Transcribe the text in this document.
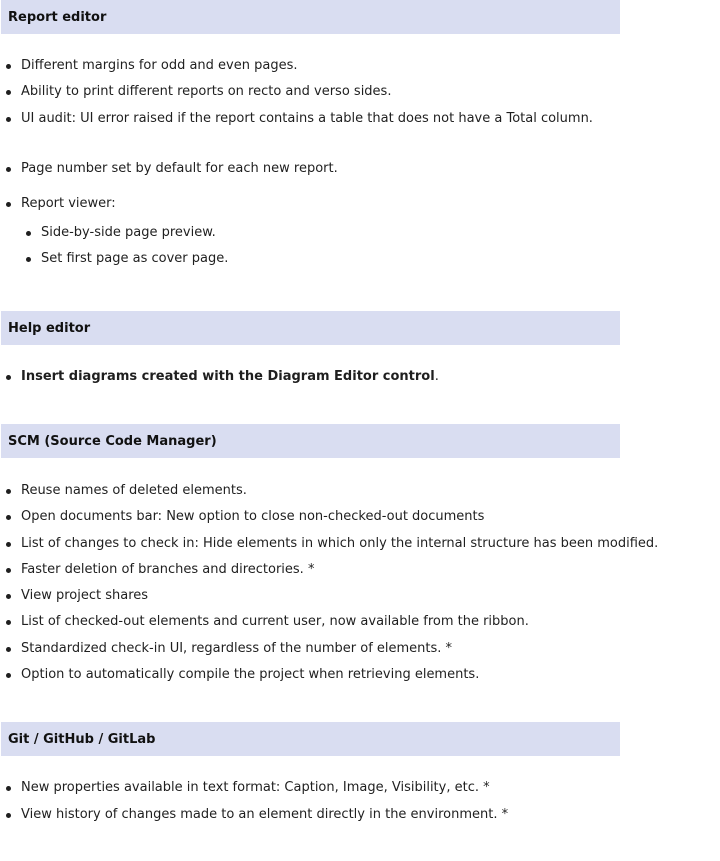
Report editor
Different margins for odd and even pages.
Ability to print different reports on recto and verso sides.
UI audit: UI error raised if the report contains a table that does not have a Total column.
Page number set by default for each new report.
Report viewer:
Side-by-side page preview.
Set first page as cover page.
Help editor
Insert diagrams created with the Diagram Editor control.
SCM (Source Code Manager)
Reuse names of deleted elements.
Open documents bar: New option to close non-checked-out documents
List of changes to check in: Hide elements in which only the internal structure has been modified.
Faster deletion of branches and directories. *
View project shares
List of checked-out elements and current user, now available from the ribbon.
Standardized check-in UI, regardless of the number of elements. *
Option to automatically compile the project when retrieving elements.
Git / GitHub / GitLab
New properties available in text format: Caption, Image, Visibility, etc. *
View history of changes made to an element directly in the environment. *
